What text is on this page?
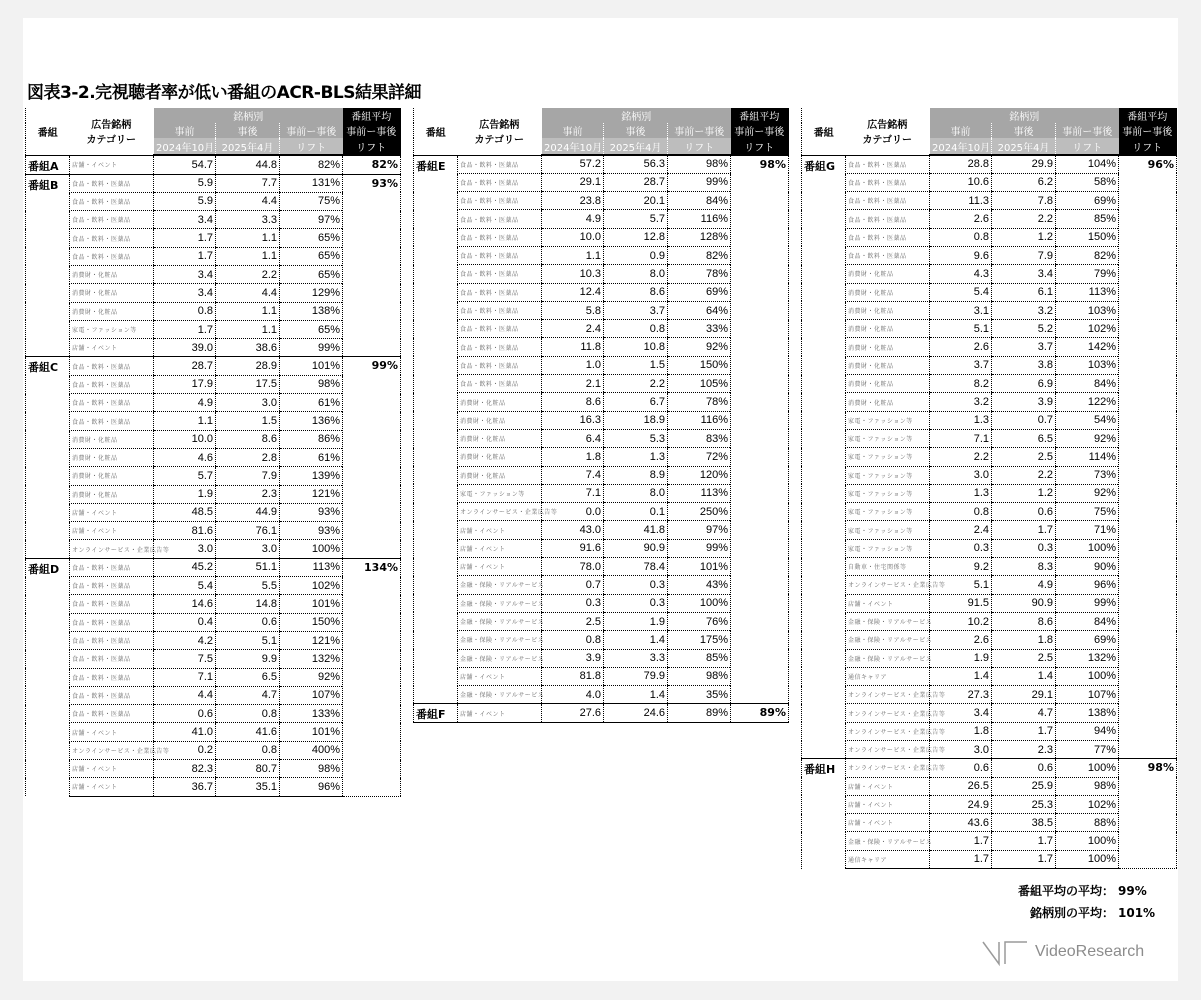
図表3-2.完視聴者率が低い番組のACR-BLS結果詳細
番組	広告銘柄
カテゴリー	銘柄別			番組平均
		事前	事後	事前ー事後	事前ー事後
		2024年10月	2025年4月	リフト	リフト
番組A	店舗・イベント	54.7	44.8	82%	82%
番組B	食品・飲料・医薬品	5.9	7.7	131%	93%
	食品・飲料・医薬品	5.9	4.4	75%	
	食品・飲料・医薬品	3.4	3.3	97%	
	食品・飲料・医薬品	1.7	1.1	65%	
	食品・飲料・医薬品	1.7	1.1	65%	
	消費財・化粧品	3.4	2.2	65%	
	消費財・化粧品	3.4	4.4	129%	
	消費財・化粧品	0.8	1.1	138%	
	家電・ファッション等	1.7	1.1	65%	
	店舗・イベント	39.0	38.6	99%	
番組C	食品・飲料・医薬品	28.7	28.9	101%	99%
	食品・飲料・医薬品	17.9	17.5	98%	
	食品・飲料・医薬品	4.9	3.0	61%	
	食品・飲料・医薬品	1.1	1.5	136%	
	消費財・化粧品	10.0	8.6	86%	
	消費財・化粧品	4.6	2.8	61%	
	消費財・化粧品	5.7	7.9	139%	
	消費財・化粧品	1.9	2.3	121%	
	店舗・イベント	48.5	44.9	93%	
	店舗・イベント	81.6	76.1	93%	
	オンラインサービス・企業広告等	3.0	3.0	100%	
番組D	食品・飲料・医薬品	45.2	51.1	113%	134%
	食品・飲料・医薬品	5.4	5.5	102%	
	食品・飲料・医薬品	14.6	14.8	101%	
	食品・飲料・医薬品	0.4	0.6	150%	
	食品・飲料・医薬品	4.2	5.1	121%	
	食品・飲料・医薬品	7.5	9.9	132%	
	食品・飲料・医薬品	7.1	6.5	92%	
	食品・飲料・医薬品	4.4	4.7	107%	
	食品・飲料・医薬品	0.6	0.8	133%	
	店舗・イベント	41.0	41.6	101%	
	オンラインサービス・企業広告等	0.2	0.8	400%	
	店舗・イベント	82.3	80.7	98%	
	店舗・イベント	36.7	35.1	96%	
番組	広告銘柄
カテゴリー	銘柄別			番組平均
		事前	事後	事前ー事後	事前ー事後
		2024年10月	2025年4月	リフト	リフト
番組E	食品・飲料・医薬品	57.2	56.3	98%	98%
	食品・飲料・医薬品	29.1	28.7	99%	
	食品・飲料・医薬品	23.8	20.1	84%	
	食品・飲料・医薬品	4.9	5.7	116%	
	食品・飲料・医薬品	10.0	12.8	128%	
	食品・飲料・医薬品	1.1	0.9	82%	
	食品・飲料・医薬品	10.3	8.0	78%	
	食品・飲料・医薬品	12.4	8.6	69%	
	食品・飲料・医薬品	5.8	3.7	64%	
	食品・飲料・医薬品	2.4	0.8	33%	
	食品・飲料・医薬品	11.8	10.8	92%	
	食品・飲料・医薬品	1.0	1.5	150%	
	食品・飲料・医薬品	2.1	2.2	105%	
	消費財・化粧品	8.6	6.7	78%	
	消費財・化粧品	16.3	18.9	116%	
	消費財・化粧品	6.4	5.3	83%	
	消費財・化粧品	1.8	1.3	72%	
	消費財・化粧品	7.4	8.9	120%	
	家電・ファッション等	7.1	8.0	113%	
	オンラインサービス・企業広告等	0.0	0.1	250%	
	店舗・イベント	43.0	41.8	97%	
	店舗・イベント	91.6	90.9	99%	
	店舗・イベント	78.0	78.4	101%	
	金融・保険・リアルサービス	0.7	0.3	43%	
	金融・保険・リアルサービス	0.3	0.3	100%	
	金融・保険・リアルサービス	2.5	1.9	76%	
	金融・保険・リアルサービス	0.8	1.4	175%	
	金融・保険・リアルサービス	3.9	3.3	85%	
	店舗・イベント	81.8	79.9	98%	
	金融・保険・リアルサービス	4.0	1.4	35%	
番組F	店舗・イベント	27.6	24.6	89%	89%
番組	広告銘柄
カテゴリー	銘柄別			番組平均
		事前	事後	事前ー事後	事前ー事後
		2024年10月	2025年4月	リフト	リフト
番組G	食品・飲料・医薬品	28.8	29.9	104%	96%
	食品・飲料・医薬品	10.6	6.2	58%	
	食品・飲料・医薬品	11.3	7.8	69%	
	食品・飲料・医薬品	2.6	2.2	85%	
	食品・飲料・医薬品	0.8	1.2	150%	
	食品・飲料・医薬品	9.6	7.9	82%	
	消費財・化粧品	4.3	3.4	79%	
	消費財・化粧品	5.4	6.1	113%	
	消費財・化粧品	3.1	3.2	103%	
	消費財・化粧品	5.1	5.2	102%	
	消費財・化粧品	2.6	3.7	142%	
	消費財・化粧品	3.7	3.8	103%	
	消費財・化粧品	8.2	6.9	84%	
	消費財・化粧品	3.2	3.9	122%	
	家電・ファッション等	1.3	0.7	54%	
	家電・ファッション等	7.1	6.5	92%	
	家電・ファッション等	2.2	2.5	114%	
	家電・ファッション等	3.0	2.2	73%	
	家電・ファッション等	1.3	1.2	92%	
	家電・ファッション等	0.8	0.6	75%	
	家電・ファッション等	2.4	1.7	71%	
	家電・ファッション等	0.3	0.3	100%	
	自動車・住宅関係等	9.2	8.3	90%	
	オンラインサービス・企業広告等	5.1	4.9	96%	
	店舗・イベント	91.5	90.9	99%	
	金融・保険・リアルサービス	10.2	8.6	84%	
	金融・保険・リアルサービス	2.6	1.8	69%	
	金融・保険・リアルサービス	1.9	2.5	132%	
	通信キャリア	1.4	1.4	100%	
	オンラインサービス・企業広告等	27.3	29.1	107%	
	オンラインサービス・企業広告等	3.4	4.7	138%	
	オンラインサービス・企業広告等	1.8	1.7	94%	
	オンラインサービス・企業広告等	3.0	2.3	77%	
番組H	オンラインサービス・企業広告等	0.6	0.6	100%	98%
	店舗・イベント	26.5	25.9	98%	
	店舗・イベント	24.9	25.3	102%	
	店舗・イベント	43.6	38.5	88%	
	金融・保険・リアルサービス	1.7	1.7	100%	
	通信キャリア	1.7	1.7	100%	
番組平均の平均： 99%
銘柄別の平均： 101%
VideoResearch
